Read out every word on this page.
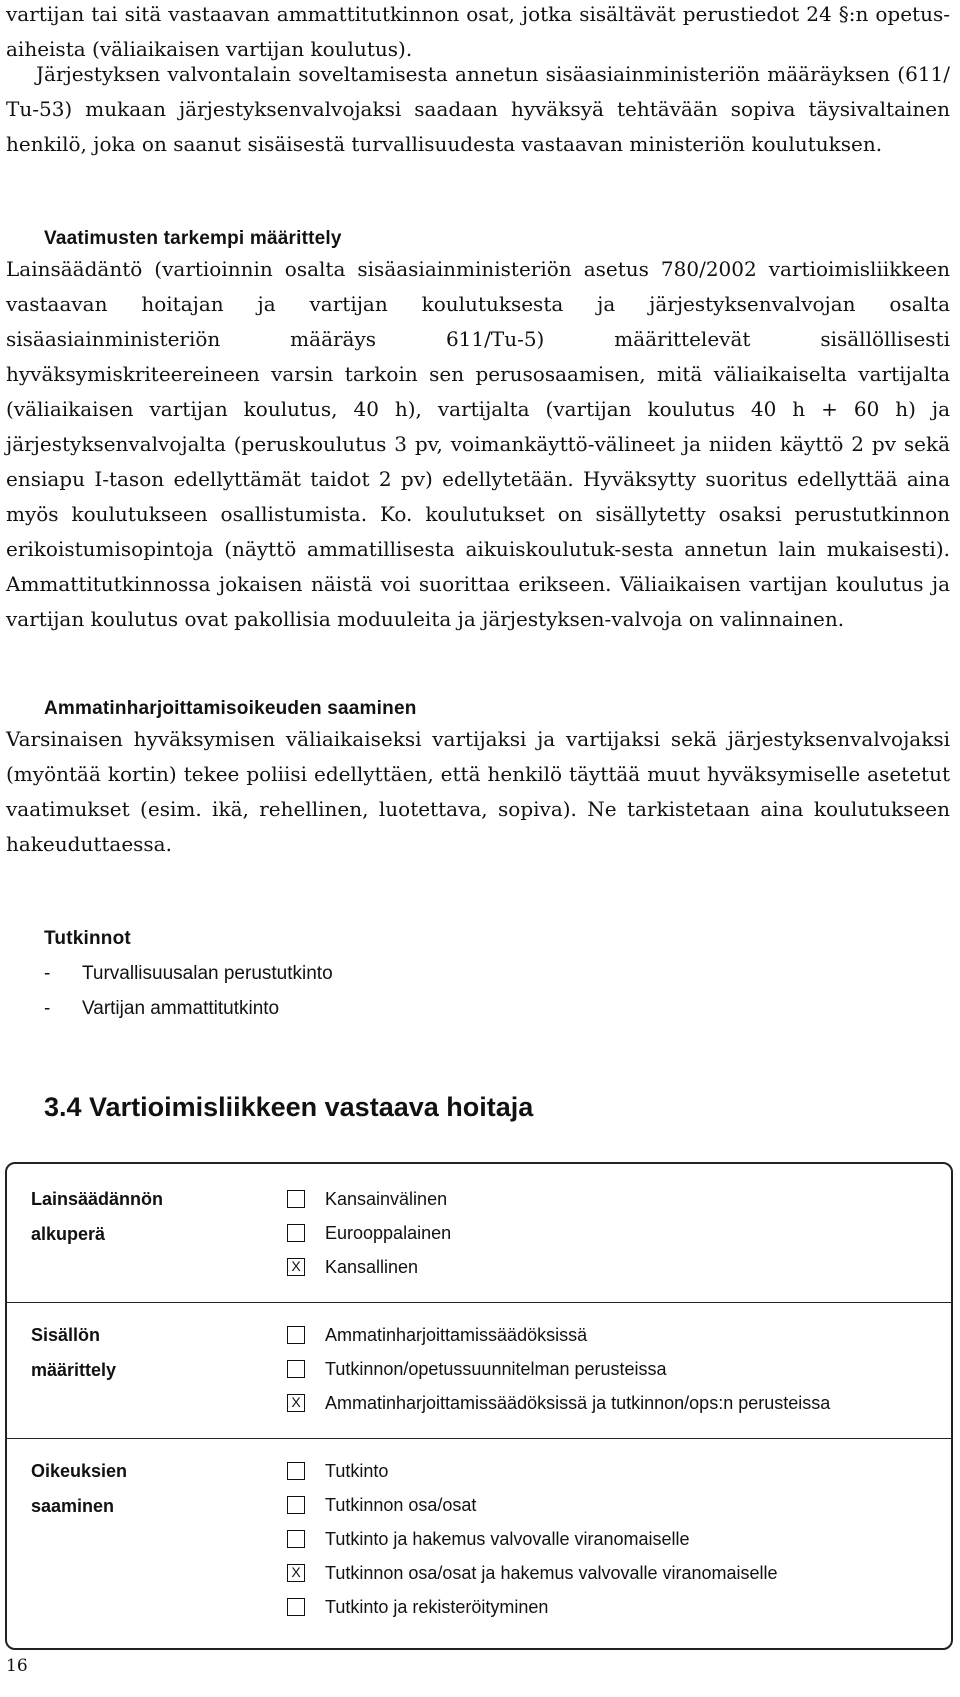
vartijan tai sitä vastaavan ammattitutkinnon osat, jotka sisältävät perustiedot 24 §:n opetus-aiheista (väliaikaisen vartijan koulutus).

Järjestyksen valvontalain soveltamisesta annetun sisäasiainministeriön määräyksen (611/ Tu-53) mukaan järjestyksenvalvojaksi saadaan hyväksyä tehtävään sopiva täysivaltainen henkilö, joka on saanut sisäisestä turvallisuudesta vastaavan ministeriön koulutuksen.

Vaatimusten tarkempi määrittely

Lainsäädäntö (vartioinnin osalta sisäasiainministeriön asetus 780/2002 vartioimisliikkeen vastaavan hoitajan ja vartijan koulutuksesta ja järjestyksenvalvojan osalta sisäasiainministeriön määräys 611/Tu-5) määrittelevät sisällöllisesti hyväksymiskriteereineen varsin tarkoin sen perusosaamisen, mitä väliaikaiselta vartijalta (väliaikaisen vartijan koulutus, 40 h), vartijalta (vartijan koulutus 40 h + 60 h) ja järjestyksenvalvojalta (peruskoulutus 3 pv, voimankäyttö-välineet ja niiden käyttö 2 pv sekä ensiapu I-tason edellyttämät taidot 2 pv) edellytetään. Hyväksytty suoritus edellyttää aina myös koulutukseen osallistumista. Ko. koulutukset on sisällytetty osaksi perustutkinnon erikoistumisopintoja (näyttö ammatillisesta aikuiskoulutuk-sesta annetun lain mukaisesti). Ammattitutkinnossa jokaisen näistä voi suorittaa erikseen. Väliaikaisen vartijan koulutus ja vartijan koulutus ovat pakollisia moduuleita ja järjestyksen-valvoja on valinnainen.

Ammatinharjoittamisoikeuden saaminen

Varsinaisen hyväksymisen väliaikaiseksi vartijaksi ja vartijaksi sekä järjestyksenvalvojaksi (myöntää kortin) tekee poliisi edellyttäen, että henkilö täyttää muut hyväksymiselle asetetut vaatimukset (esim. ikä, rehellinen, luotettava, sopiva). Ne tarkistetaan aina koulutukseen hakeuduttaessa.

Tutkinnot
-	Turvallisuusalan perustutkinto
-	Vartijan ammattitutkinto
3.4 Vartioimisliikkeen vastaava hoitaja
Lainsäädännön
alkuperä
Kansainvälinen
Eurooppalainen
X Kansallinen
Sisällön
määrittely
Ammatinharjoittamissäädöksissä
Tutkinnon/opetussuunnitelman perusteissa
X Ammatinharjoittamissäädöksissä ja tutkinnon/ops:n perusteissa
Oikeuksien
saaminen
Tutkinto
Tutkinnon osa/osat
Tutkinto ja hakemus valvovalle viranomaiselle
X Tutkinnon osa/osat ja hakemus valvovalle viranomaiselle
Tutkinto ja rekisteröityminen
16
